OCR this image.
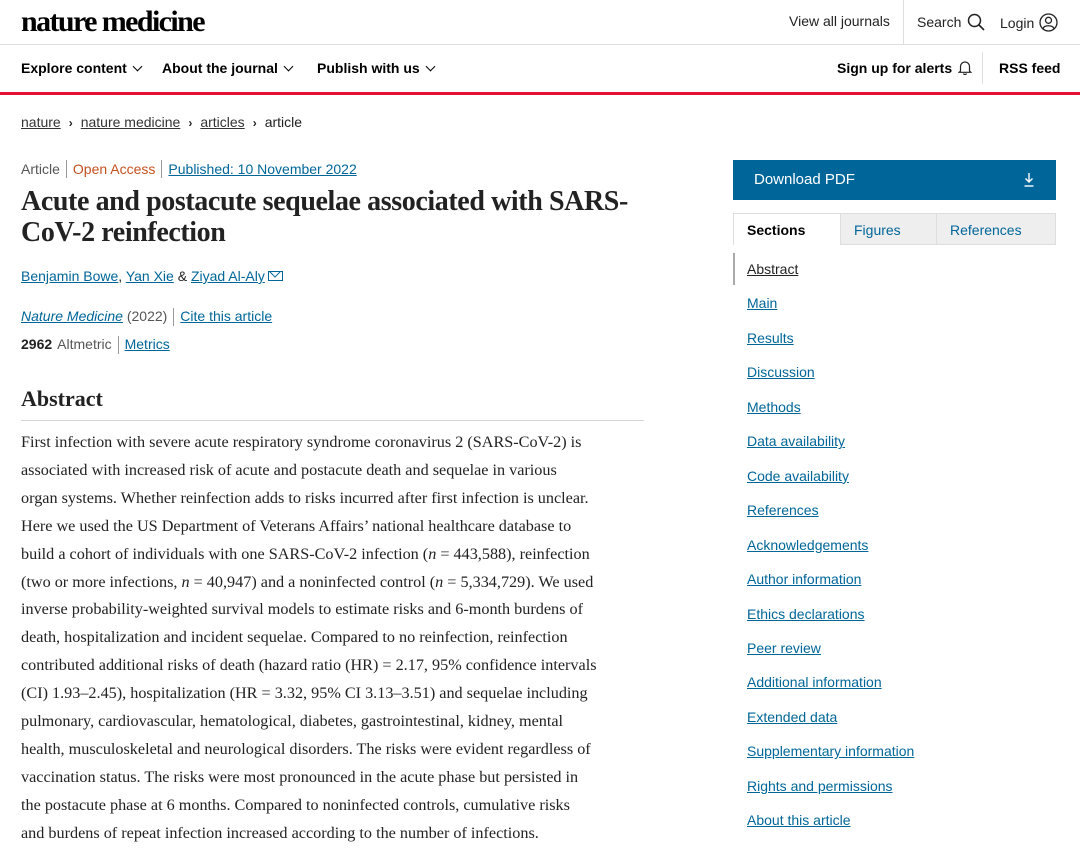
nature medicine	View all journals Search	Login
Explore content	About the journal	Publish with us	Sign up for alerts	RSS feed
nature › nature medicine › articles › article
Article Open Access Published: 10 November 2022
Acute and postacute sequelae associated with SARS-CoV-2 reinfection
Benjamin Bowe, Yan Xie & Ziyad Al-Aly
Nature Medicine (2022) Cite this article
2962 Altmetric Metrics
Abstract

First infection with severe acute respiratory syndrome coronavirus 2 (SARS-CoV-2) is

associated with increased risk of acute and postacute death and sequelae in various

organ systems. Whether reinfection adds to risks incurred after first infection is unclear.

Here we used the US Department of Veterans Affairs’ national healthcare database to

build a cohort of individuals with one SARS-CoV-2 infection (n = 443,588), reinfection

(two or more infections, n = 40,947) and a noninfected control (n = 5,334,729). We used

inverse probability-weighted survival models to estimate risks and 6-month burdens of

death, hospitalization and incident sequelae. Compared to no reinfection, reinfection

contributed additional risks of death (hazard ratio (HR) = 2.17, 95% confidence intervals

(CI) 1.93–2.45), hospitalization (HR = 3.32, 95% CI 3.13–3.51) and sequelae including

pulmonary, cardiovascular, hematological, diabetes, gastrointestinal, kidney, mental

health, musculoskeletal and neurological disorders. The risks were evident regardless of

vaccination status. The risks were most pronounced in the acute phase but persisted in

the postacute phase at 6 months. Compared to noninfected controls, cumulative risks

and burdens of repeat infection increased according to the number of infections.

Download PDF
Sections	Figures	References
Abstract
Main
Results
Discussion
Methods
Data availability
Code availability
References
Acknowledgements
Author information
Ethics declarations
Peer review
Additional information
Extended data
Supplementary information
Rights and permissions
About this article
